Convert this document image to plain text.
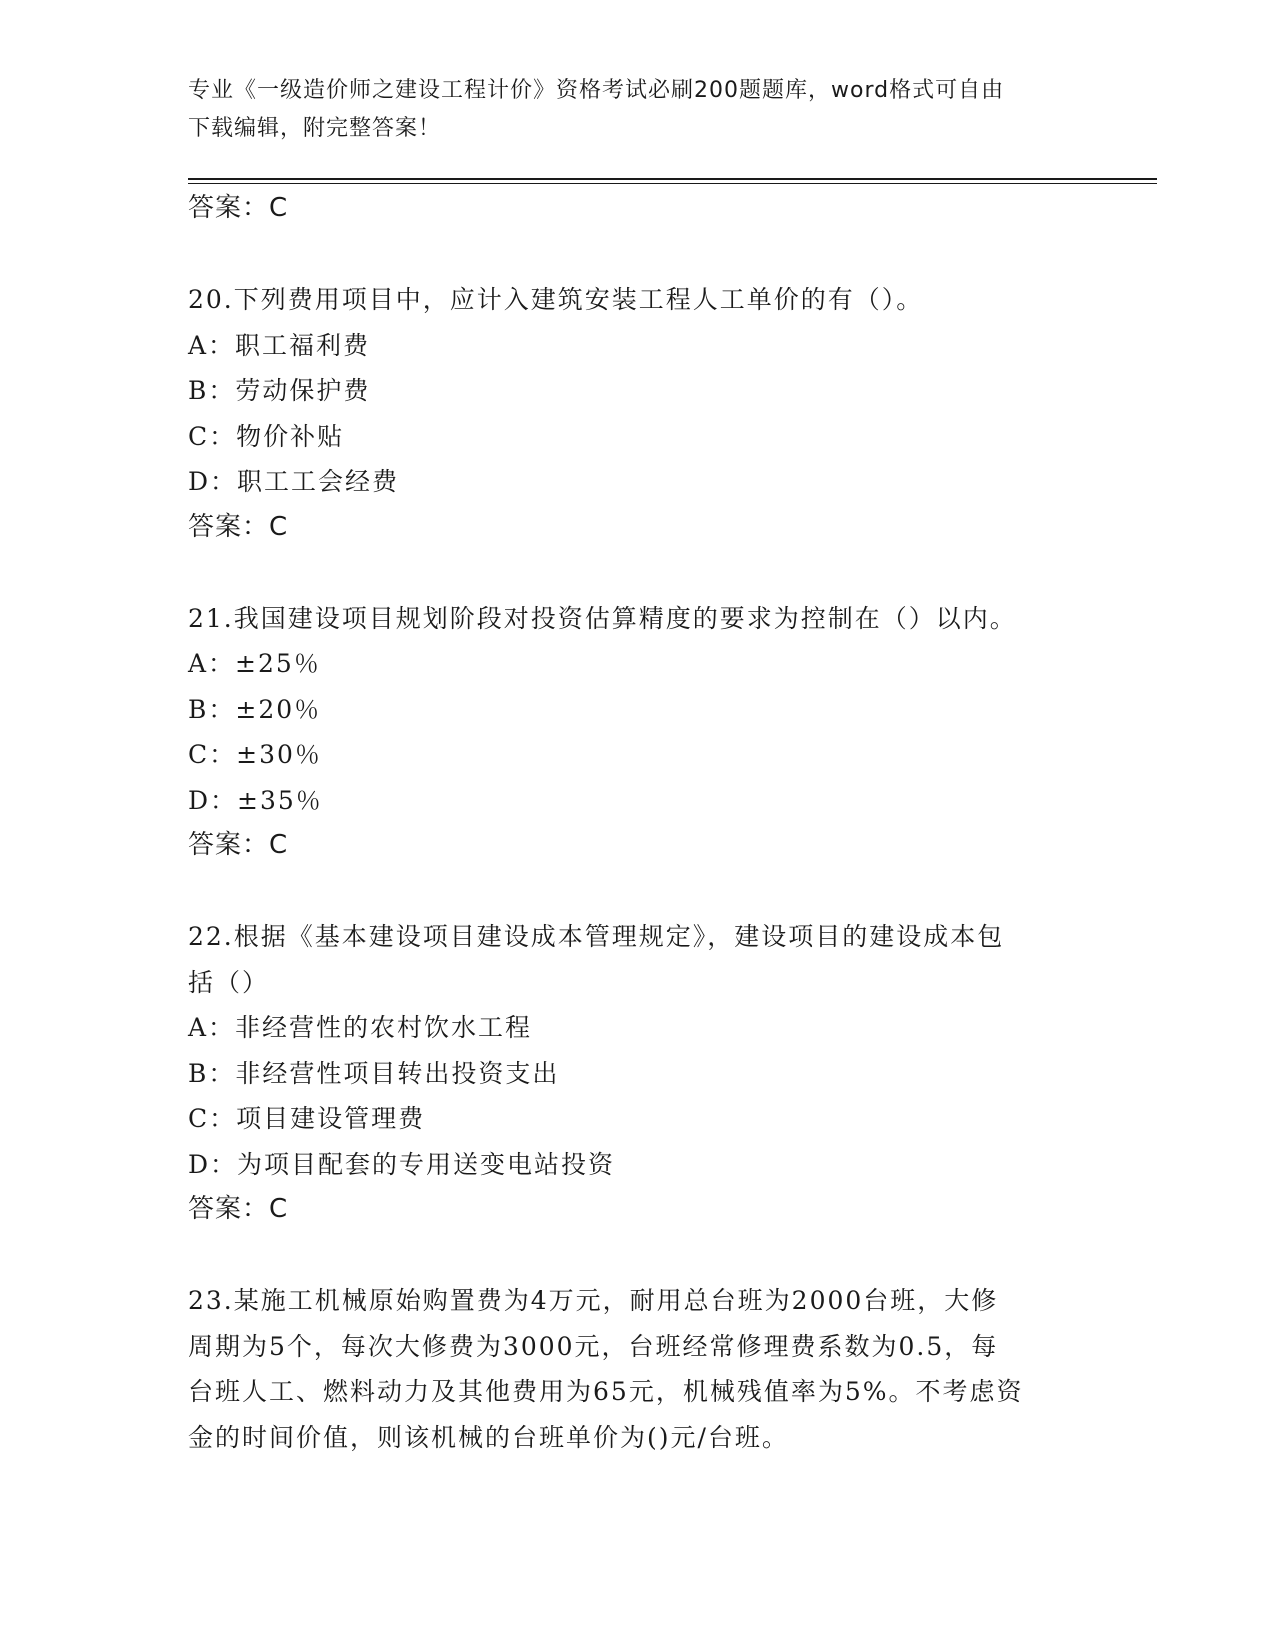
专业《一级造价师之建设工程计价》资格考试必刷200题题库，word格式可自由
下载编辑，附完整答案！
答案：C
20.下列费用项目中，应计入建筑安装工程人工单价的有（）。
A：职工福利费
B：劳动保护费
C：物价补贴
D：职工工会经费
答案：C
21.我国建设项目规划阶段对投资估算精度的要求为控制在（）以内。
A：±25％
B：±20％
C：±30％
D：±35％
答案：C
22.根据《基本建设项目建设成本管理规定》，建设项目的建设成本包
括（）
A：非经营性的农村饮水工程
B：非经营性项目转出投资支出
C：项目建设管理费
D：为项目配套的专用送变电站投资
答案：C
23.某施工机械原始购置费为4万元，耐用总台班为2000台班，大修
周期为5个，每次大修费为3000元，台班经常修理费系数为0.5，每
台班人工、燃料动力及其他费用为65元，机械残值率为5%。不考虑资
金的时间价值，则该机械的台班单价为()元/台班。
